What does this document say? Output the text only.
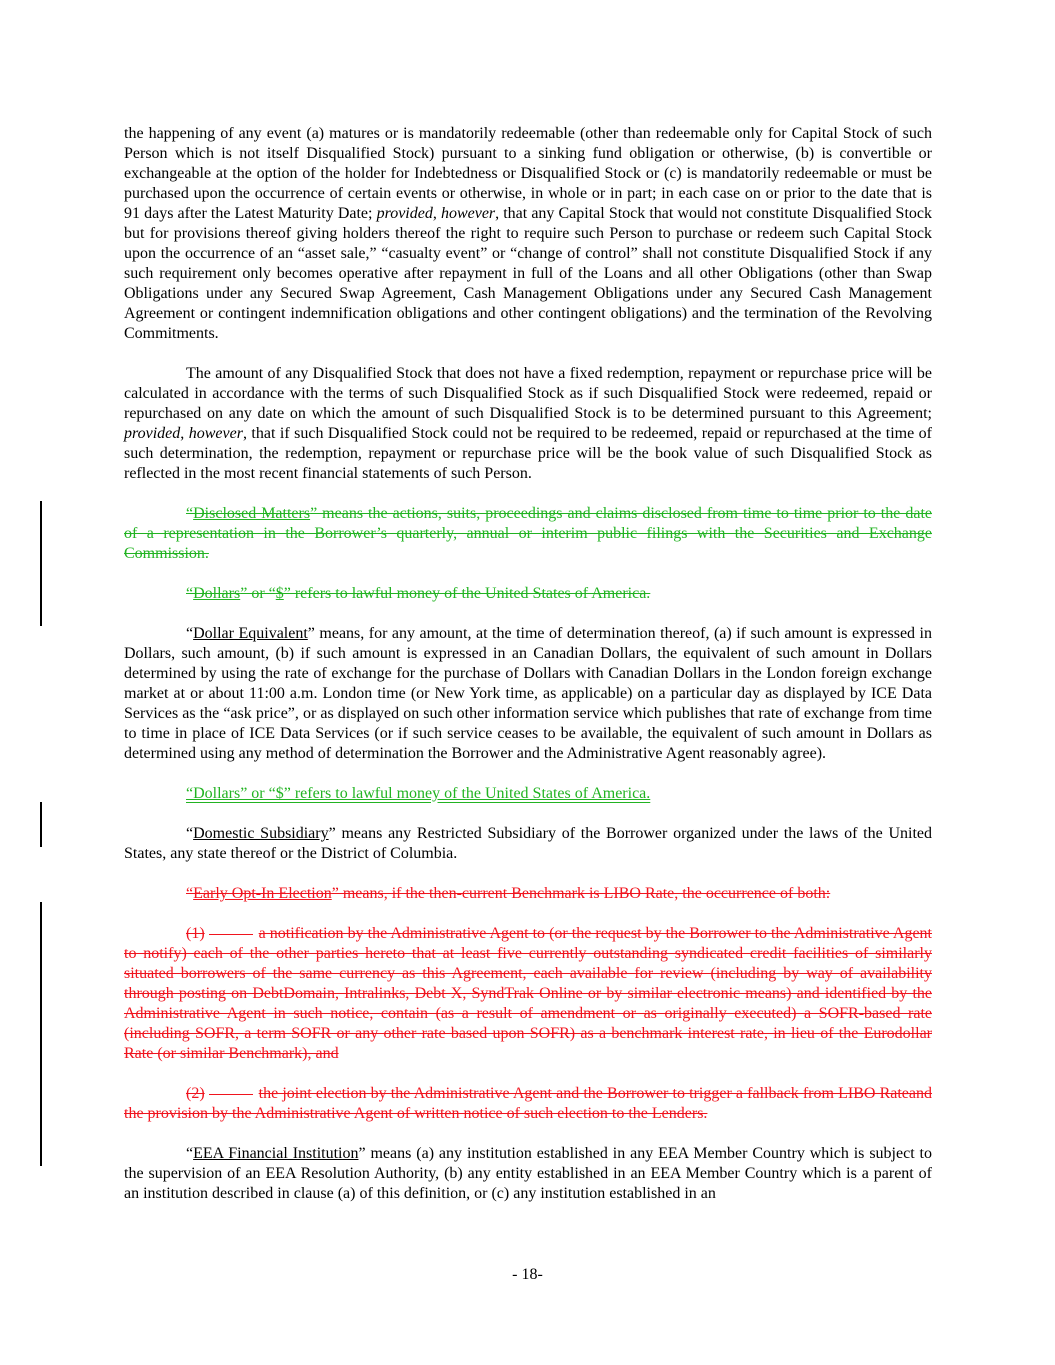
the happening of any event (a) matures or is mandatorily redeemable (other than redeemable only for Capital Stock of such Person which is not itself Disqualified Stock) pursuant to a sinking fund obligation or otherwise, (b) is convertible or exchangeable at the option of the holder for Indebtedness or Disqualified Stock or (c) is mandatorily redeemable or must be purchased upon the occurrence of certain events or otherwise, in whole or in part; in each case on or prior to the date that is 91 days after the Latest Maturity Date; provided, however, that any Capital Stock that would not constitute Disqualified Stock but for provisions thereof giving holders thereof the right to require such Person to purchase or redeem such Capital Stock upon the occurrence of an “asset sale,” “casualty event” or “change of control” shall not constitute Disqualified Stock if any such requirement only becomes operative after repayment in full of the Loans and all other Obligations (other than Swap Obligations under any Secured Swap Agreement, Cash Management Obligations under any Secured Cash Management Agreement or contingent indemnification obligations and other contingent obligations) and the termination of the Revolving Commitments.

The amount of any Disqualified Stock that does not have a fixed redemption, repayment or repurchase price will be calculated in accordance with the terms of such Disqualified Stock as if such Disqualified Stock were redeemed, repaid or repurchased on any date on which the amount of such Disqualified Stock is to be determined pursuant to this Agreement; provided, however, that if such Disqualified Stock could not be required to be redeemed, repaid or repurchased at the time of such determination, the redemption, repayment or repurchase price will be the book value of such Disqualified Stock as reflected in the most recent financial statements of such Person.

“Disclosed Matters” means the actions, suits, proceedings and claims disclosed from time to time prior to the date of a representation in the Borrower’s quarterly, annual or interim public filings with the Securities and Exchange Commission.

“Dollars” or “$” refers to lawful money of the United States of America.

“Dollar Equivalent” means, for any amount, at the time of determination thereof, (a) if such amount is expressed in Dollars, such amount, (b) if such amount is expressed in an Canadian Dollars, the equivalent of such amount in Dollars determined by using the rate of exchange for the purchase of Dollars with Canadian Dollars in the London foreign exchange market at or about 11:00 a.m. London time (or New York time, as applicable) on a particular day as displayed by ICE Data Services as the “ask price”, or as displayed on such other information service which publishes that rate of exchange from time to time in place of ICE Data Services (or if such service ceases to be available, the equivalent of such amount in Dollars as determined using any method of determination the Borrower and the Administrative Agent reasonably agree).

“Dollars” or “$” refers to lawful money of the United States of America.

“Domestic Subsidiary” means any Restricted Subsidiary of the Borrower organized under the laws of the United States, any state thereof or the District of Columbia.

“Early Opt-In Election” means, if the then-current Benchmark is LIBO Rate, the occurrence of both:

(1)	a notification by the Administrative Agent to (or the request by the Borrower to the Administrative Agent to notify) each of the other parties hereto that at least five currently outstanding syndicated credit facilities of similarly situated borrowers of the same currency as this Agreement, each available for review (including by way of availability through posting on DebtDomain, Intralinks, Debt X, SyndTrak Online or by similar electronic means) and identified by the Administrative Agent in such notice, contain (as a result of amendment or as originally executed) a SOFR-based rate (including SOFR, a term SOFR or any other rate based upon SOFR) as a benchmark interest rate, in lieu of the Eurodollar Rate (or similar Benchmark), and

(2)	the joint election by the Administrative Agent and the Borrower to trigger a fallback from LIBO Rateand the provision by the Administrative Agent of written notice of such election to the Lenders.

“EEA Financial Institution” means (a) any institution established in any EEA Member Country which is subject to the supervision of an EEA Resolution Authority, (b) any entity established in an EEA Member Country which is a parent of an institution described in clause (a) of this definition, or (c) any institution established in an

- 18-
